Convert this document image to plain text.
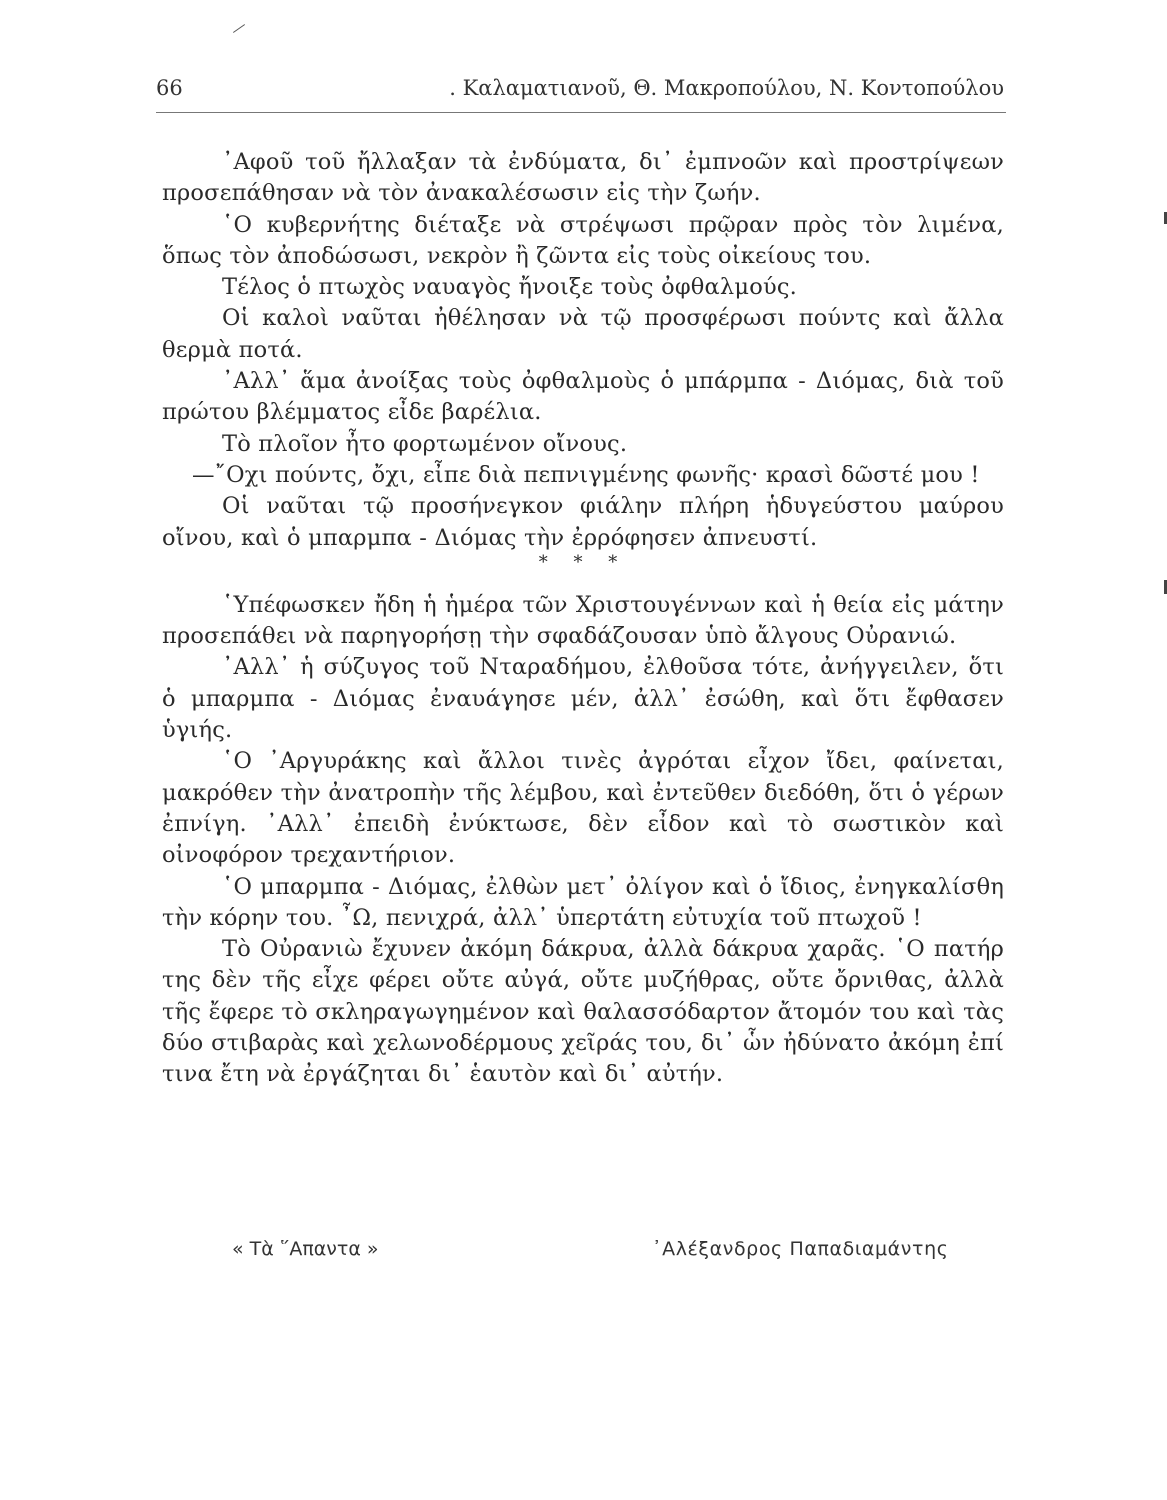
66	. Καλαματιανοῦ, Θ. Μακροπούλου, Ν. Κοντοπούλου

᾿Αφοῦ τοῦ ἤλλαξαν τὰ ἐνδύματα, δι᾿ ἐμπνοῶν καὶ προστρίψεων προσεπάθησαν νὰ τὸν ἀνακαλέσωσιν εἰς τὴν ζωήν.

῾Ο κυβερνήτης διέταξε νὰ στρέψωσι πρῷραν πρὸς τὸν λιμένα, ὅπως τὸν ἀποδώσωσι, νεκρὸν ἢ ζῶντα εἰς τοὺς οἰκείους του.

Τέλος ὁ πτωχὸς ναυαγὸς ἤνοιξε τοὺς ὀφθαλμούς.

Οἱ καλοὶ ναῦται ἠθέλησαν νὰ τῷ προσφέρωσι πούντς καὶ ἄλλα θερμὰ ποτά.

᾿Αλλ᾿ ἅμα ἀνοίξας τοὺς ὀφθαλμοὺς ὁ μπάρμπα - Διόμας, διὰ τοῦ πρώτου βλέμματος εἶδε βαρέλια.

Τὸ πλοῖον ἦτο φορτωμένον οἴνους.

—῎Οχι πούντς, ὄχι, εἶπε διὰ πεπνιγμένης φωνῆς· κρασὶ δῶστέ μου !

Οἱ ναῦται τῷ προσήνεγκον φιάλην πλήρη ἡδυγεύστου μαύρου οἴνου, καὶ ὁ μπαρμπα - Διόμας τὴν ἐρρόφησεν ἀπνευστί.

* * *

῾Υπέφωσκεν ἤδη ἡ ἡμέρα τῶν Χριστουγέννων καὶ ἡ θεία εἰς μάτην προσεπάθει νὰ παρηγορήσῃ τὴν σφαδάζουσαν ὑπὸ ἄλγους Οὐρανιώ.

᾿Αλλ᾿ ἡ σύζυγος τοῦ Νταραδήμου, ἐλθοῦσα τότε, ἀνήγγειλεν, ὅτι ὁ μπαρμπα - Διόμας ἐναυάγησε μέν, ἀλλ᾿ ἐσώθη, καὶ ὅτι ἔφθασεν ὑγιής.

῾Ο ᾿Αργυράκης καὶ ἄλλοι τινὲς ἀγρόται εἶχον ἴδει, φαίνεται, μακρόθεν τὴν ἀνατροπὴν τῆς λέμβου, καὶ ἐντεῦθεν διεδόθη, ὅτι ὁ γέρων ἐπνίγη. ᾿Αλλ᾿ ἐπειδὴ ἐνύκτωσε, δὲν εἶδον καὶ τὸ σωστικὸν καὶ οἰνοφόρον τρεχαντήριον.

῾Ο μπαρμπα - Διόμας, ἐλθὼν μετ᾿ ὀλίγον καὶ ὁ ἴδιος, ἐνηγκαλίσθη τὴν κόρην του. ῏Ω, πενιχρά, ἀλλ᾿ ὑπερτάτη εὐτυχία τοῦ πτωχοῦ !

Τὸ Οὐρανιὼ ἔχυνεν ἀκόμη δάκρυα, ἀλλὰ δάκρυα χαρᾶς. ῾Ο πατήρ της δὲν τῆς εἶχε φέρει οὔτε αὐγά, οὔτε μυζήθρας, οὔτε ὄρνιθας, ἀλλὰ τῆς ἔφερε τὸ σκληραγωγημένον καὶ θαλασσόδαρτον ἄτομόν του καὶ τὰς δύο στιβαρὰς καὶ χελωνοδέρμους χεῖράς του, δι᾿ ὧν ἠδύνατο ἀκόμη ἐπί τινα ἔτη νὰ ἐργάζηται δι᾿ ἑαυτὸν καὶ δι᾿ αὐτήν.

« Τὰ ῞Απαντα »	᾿Αλέξανδρος Παπαδιαμάντης
